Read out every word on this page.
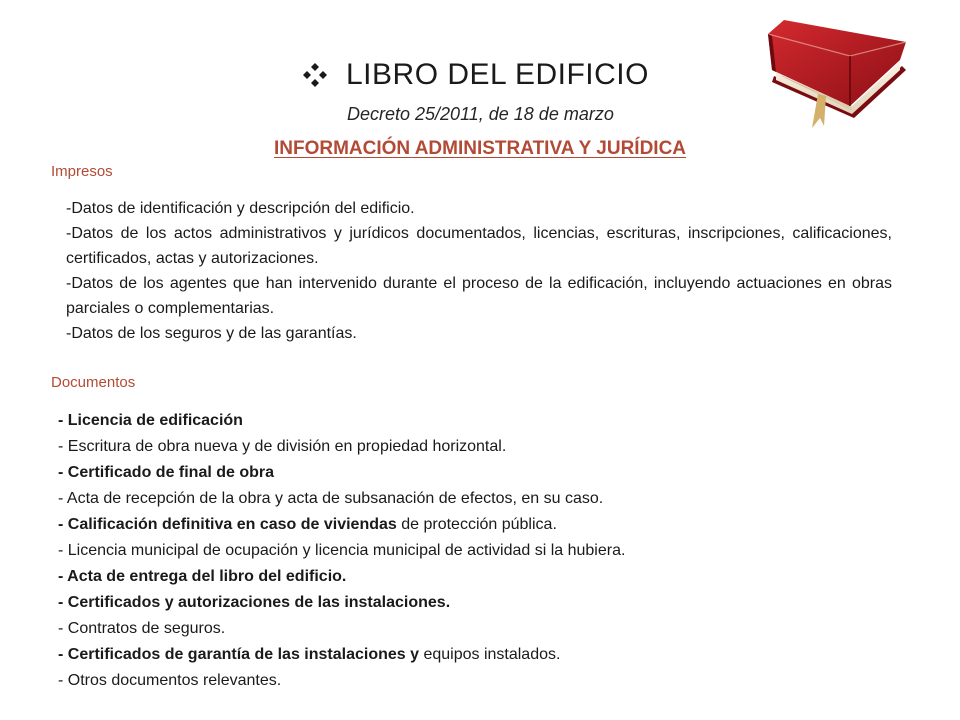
LIBRO DEL EDIFICIO
Decreto 25/2011, de 18 de marzo
INFORMACIÓN ADMINISTRATIVA Y JURÍDICA
Impresos

-Datos de identificación y descripción del edificio.

-Datos de los actos administrativos y jurídicos documentados, licencias, escrituras, inscripciones, calificaciones, certificados, actas y autorizaciones.

-Datos de los agentes que han intervenido durante el proceso de la edificación, incluyendo actuaciones en obras parciales o complementarias.

-Datos de los seguros y de las garantías.

Documentos
- Licencia de edificación
- Escritura de obra nueva y de división en propiedad horizontal.
- Certificado de final de obra
- Acta de recepción de la obra y acta de subsanación de efectos, en su caso.
- Calificación definitiva en caso de viviendas de protección pública.
- Licencia municipal de ocupación y licencia municipal de actividad si la hubiera.
- Acta de entrega del libro del edificio.
- Certificados y autorizaciones de las instalaciones.
- Contratos de seguros.
- Certificados de garantía de las instalaciones y equipos instalados.
- Otros documentos relevantes.
